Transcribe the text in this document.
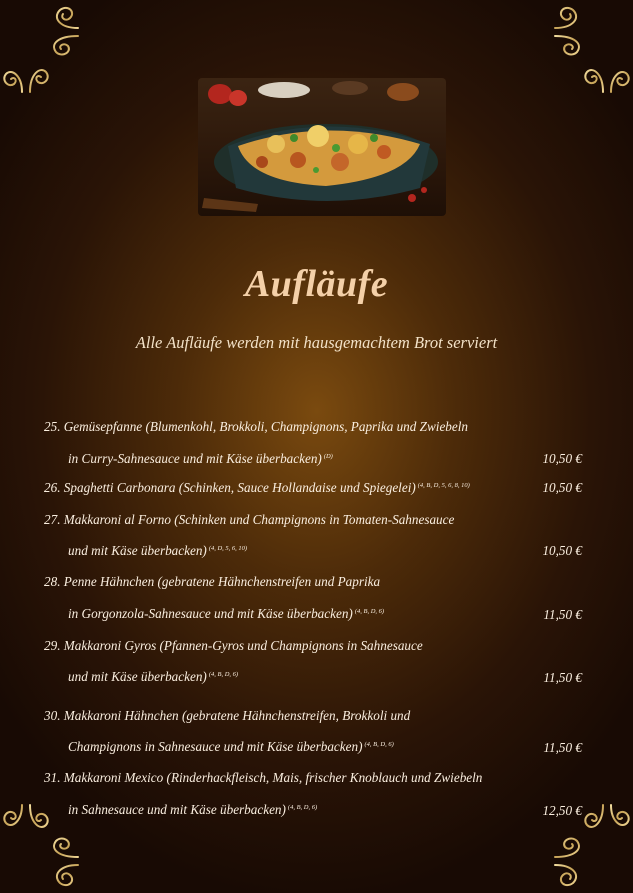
Aufläufe
Alle Aufläufe werden mit hausgemachtem Brot serviert
25. Gemüsepfanne (Blumenkohl, Brokkoli, Champignons, Paprika und Zwiebeln
in Curry-Sahnesauce und mit Käse überbacken) $^{(D)}$	10,50 €
26. Spaghetti Carbonara (Schinken, Sauce Hollandaise und Spiegelei) $^{(4, B, D, 5, 6, 8, 10)}$	10,50 €
27. Makkaroni al Forno (Schinken und Champignons in Tomaten-Sahnesauce
und mit Käse überbacken) $^{(4, D, 5, 6, 10)}$	10,50 €
28. Penne Hähnchen (gebratene Hähnchenstreifen und Paprika
in Gorgonzola-Sahnesauce und mit Käse überbacken) $^{(4, B, D, 6)}$	11,50 €
29. Makkaroni Gyros (Pfannen-Gyros und Champignons in Sahnesauce
und mit Käse überbacken) $^{(4, B, D, 6)}$	11,50 €
30. Makkaroni Hähnchen (gebratene Hähnchenstreifen, Brokkoli und
Champignons in Sahnesauce und mit Käse überbacken) $^{(4, B, D, 6)}$	11,50 €
31. Makkaroni Mexico (Rinderhackfleisch, Mais, frischer Knoblauch und Zwiebeln
in Sahnesauce und mit Käse überbacken) $^{(4, B, D, 6)}$	12,50 €
